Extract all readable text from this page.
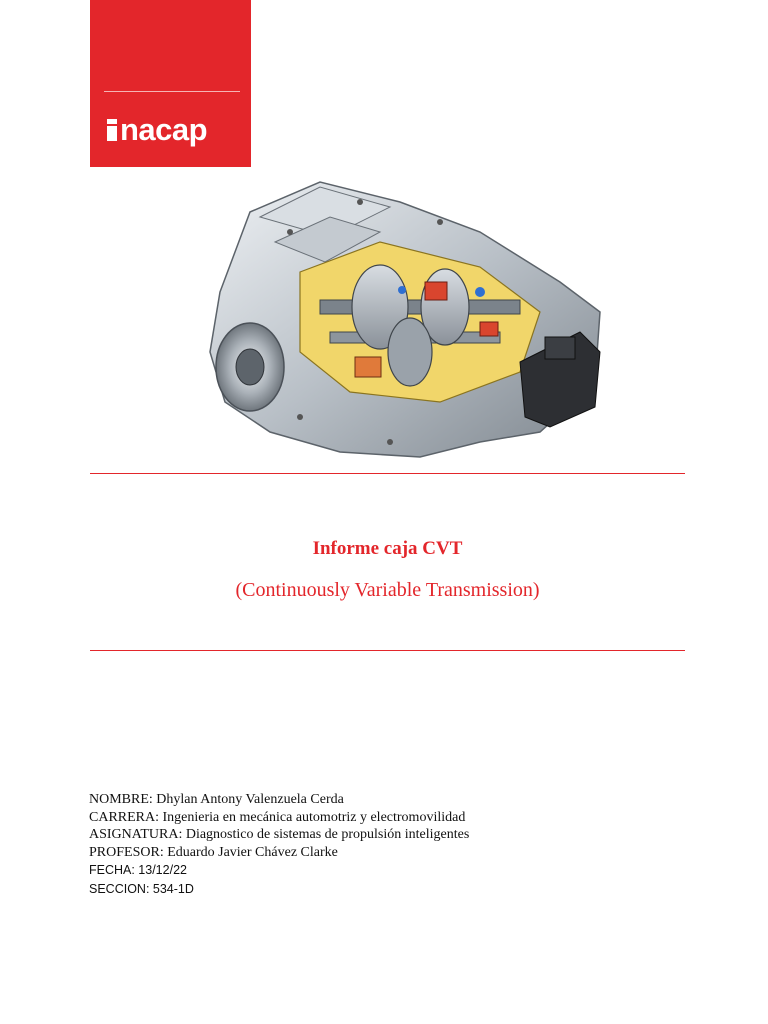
nacap
Informe caja CVT
(Continuously Variable Transmission)
NOMBRE: Dhylan Antony Valenzuela Cerda
CARRERA: Ingenieria en mecánica automotriz y electromovilidad
ASIGNATURA: Diagnostico de sistemas de propulsión inteligentes
PROFESOR: Eduardo Javier Chávez Clarke
FECHA: 13/12/22
SECCION: 534-1D
